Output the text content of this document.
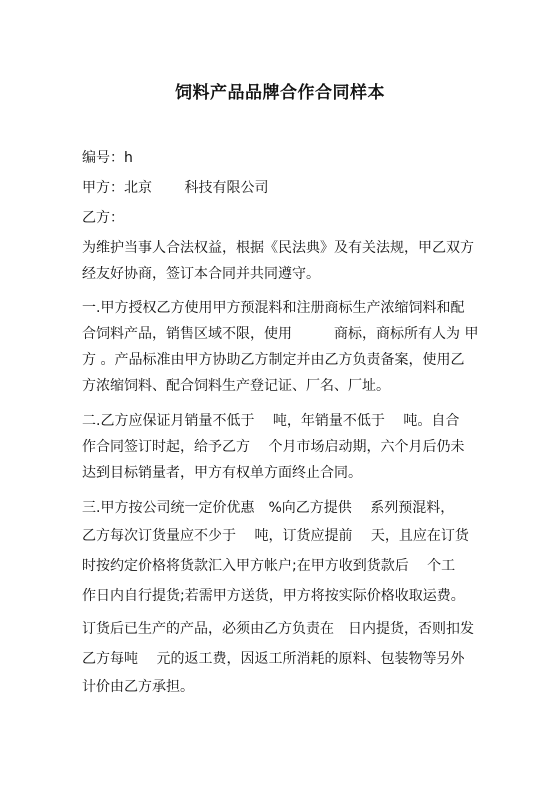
饲料产品品牌合作合同样本
编号：h
甲方：北京　　 科技有限公司
乙方：
为维护当事人合法权益，根据《民法典》及有关法规，甲乙双方
经友好协商，签订本合同并共同遵守。
一.甲方授权乙方使用甲方预混料和注册商标生产浓缩饲料和配
合饲料产品，销售区域不限，使用　　　商标，商标所有人为 甲
方 。产品标准由甲方协助乙方制定并由乙方负责备案，使用乙
方浓缩饲料、配合饲料生产登记证、厂名、厂址。
二.乙方应保证月销量不低于　 吨，年销量不低于　 吨。自合
作合同签订时起，给予乙方　 个月市场启动期，六个月后仍未
达到目标销量者，甲方有权单方面终止合同。
三.甲方按公司统一定价优惠　%向乙方提供　 系列预混料，
乙方每次订货量应不少于　 吨，订货应提前　 天，且应在订货
时按约定价格将货款汇入甲方帐户;在甲方收到货款后　 个工
作日内自行提货;若需甲方送货，甲方将按实际价格收取运费。
订货后已生产的产品，必须由乙方负责在　日内提货，否则扣发
乙方每吨　 元的返工费，因返工所消耗的原料、包装物等另外
计价由乙方承担。
